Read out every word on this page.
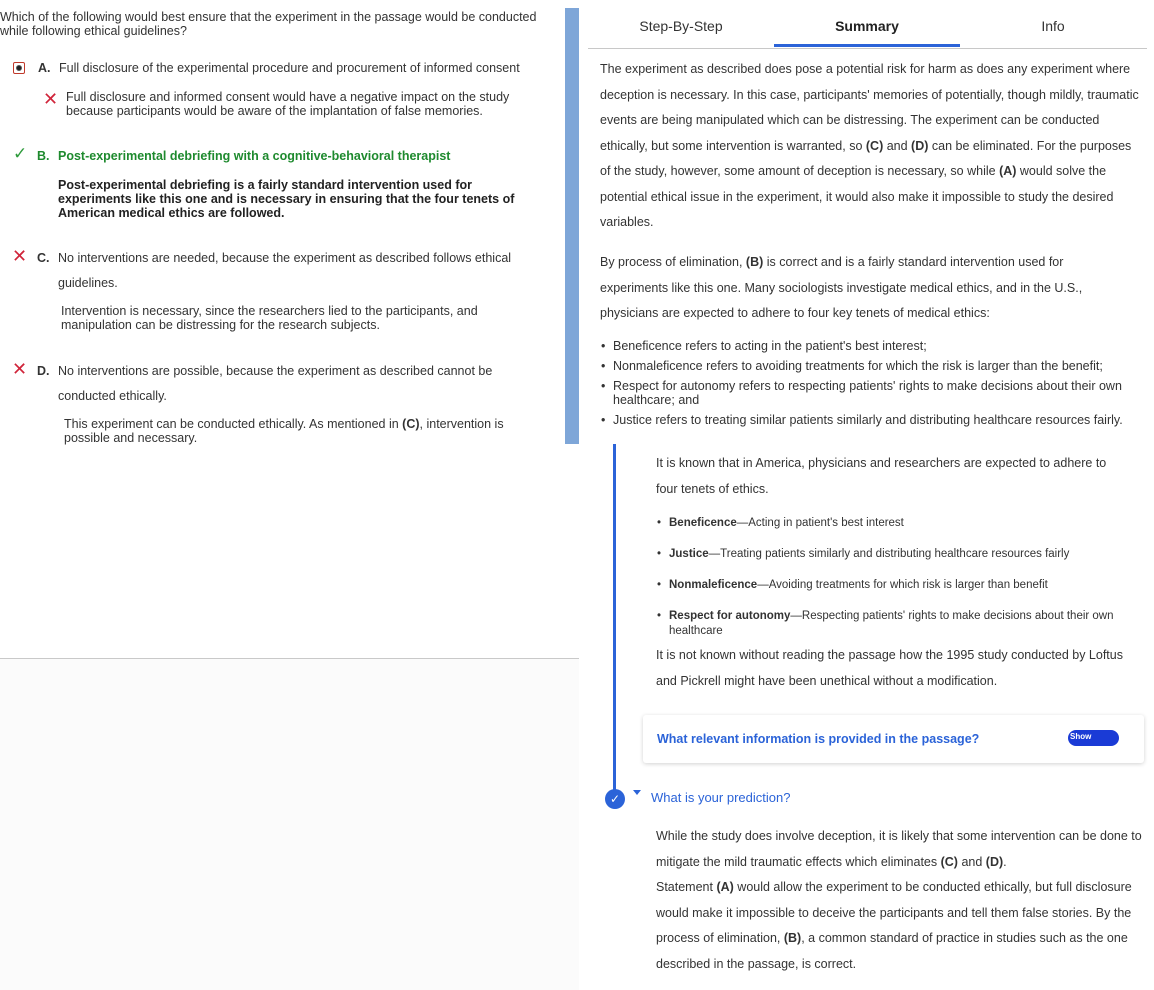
Which of the following would best ensure that the experiment in the passage would be conducted while following ethical guidelines?
A. Full disclosure of the experimental procedure and procurement of informed consent
✕ Full disclosure and informed consent would have a negative impact on the study because participants would be aware of the implantation of false memories.
✓ B. Post-experimental debriefing with a cognitive-behavioral therapist
Post-experimental debriefing is a fairly standard intervention used for experiments like this one and is necessary in ensuring that the four tenets of American medical ethics are followed.
✕ C. No interventions are needed, because the experiment as described follows ethical
guidelines.
Intervention is necessary, since the researchers lied to the participants, and manipulation can be distressing for the research subjects.
✕ D. No interventions are possible, because the experiment as described cannot be
conducted ethically.
This experiment can be conducted ethically. As mentioned in (C), intervention is possible and necessary.
Step-By-Step	Summary	Info
The experiment as described does pose a potential risk for harm as does any experiment where deception is necessary. In this case, participants' memories of potentially, though mildly, traumatic events are being manipulated which can be distressing. The experiment can be conducted ethically, but some intervention is warranted, so (C) and (D) can be eliminated. For the purposes of the study, however, some amount of deception is necessary, so while (A) would solve the potential ethical issue in the experiment, it would also make it impossible to study the desired variables.
By process of elimination, (B) is correct and is a fairly standard intervention used for experiments like this one. Many sociologists investigate medical ethics, and in the U.S., physicians are expected to adhere to four key tenets of medical ethics:
• Beneficence refers to acting in the patient's best interest;
• Nonmaleficence refers to avoiding treatments for which the risk is larger than the benefit;
• Respect for autonomy refers to respecting patients' rights to make decisions about their own healthcare; and
• Justice refers to treating similar patients similarly and distributing healthcare resources fairly.
It is known that in America, physicians and researchers are expected to adhere to four tenets of ethics.
• Beneficence—Acting in patient's best interest
• Justice—Treating patients similarly and distributing healthcare resources fairly
• Nonmaleficence—Avoiding treatments for which risk is larger than benefit
• Respect for autonomy—Respecting patients' rights to make decisions about their own healthcare
It is not known without reading the passage how the 1995 study conducted by Loftus and Pickrell might have been unethical without a modification.
What relevant information is provided in the passage?	Show
✓	What is your prediction?
While the study does involve deception, it is likely that some intervention can be done to mitigate the mild traumatic effects which eliminates (C) and (D).
Statement (A) would allow the experiment to be conducted ethically, but full disclosure would make it impossible to deceive the participants and tell them false stories. By the process of elimination, (B), a common standard of practice in studies such as the one described in the passage, is correct.
